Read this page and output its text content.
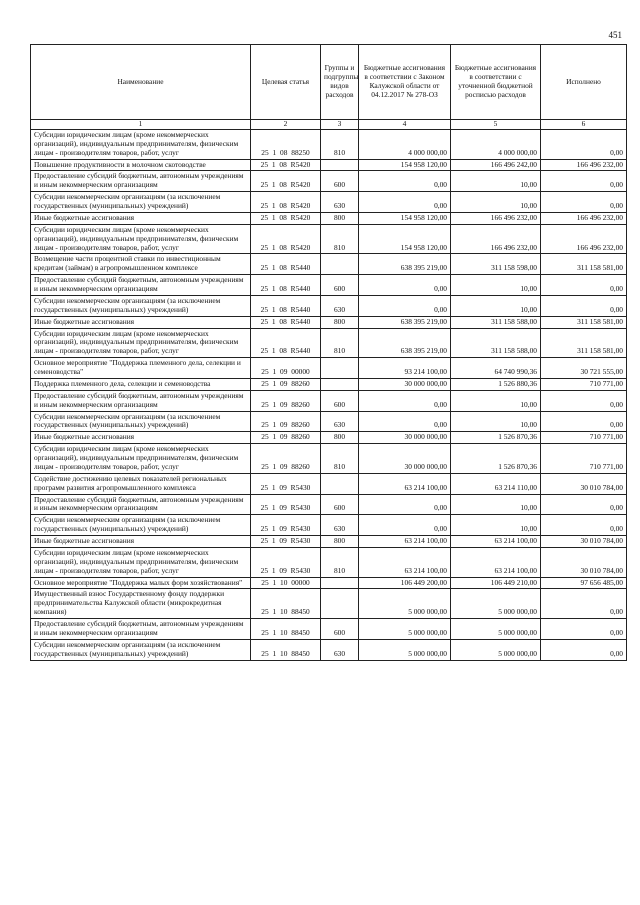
451
Наименование	Целевая статья	Группы и подгруппы видов расходов	Бюджетные ассигнования в соответствии с Законом Калужской области от 04.12.2017 № 278-ОЗ	Бюджетные ассигнования в соответствии с уточненной бюджетной росписью расходов	Исполнено
1	2	3	4	5	6
Субсидии юридическим лицам (кроме некоммерческих организаций), индивидуальным предпринимателям, физическим лицам - производителям товаров, работ, услуг	25 1 08 88250	810	4 000 000,00	4 000 000,00	0,00
Повышение продуктивности в молочном скотоводстве	25 1 08 R5420		154 958 120,00	166 496 242,00	166 496 232,00
Предоставление субсидий бюджетным, автономным учреждениям и иным некоммерческим организациям	25 1 08 R5420	600	0,00	10,00	0,00
Субсидии некоммерческим организациям (за исключением государственных (муниципальных) учреждений)	25 1 08 R5420	630	0,00	10,00	0,00
Иные бюджетные ассигнования	25 1 08 R5420	800	154 958 120,00	166 496 232,00	166 496 232,00
Субсидии юридическим лицам (кроме некоммерческих организаций), индивидуальным предпринимателям, физическим лицам - производителям товаров, работ, услуг	25 1 08 R5420	810	154 958 120,00	166 496 232,00	166 496 232,00
Возмещение части процентной ставки по инвестиционным кредитам (займам) в агропромышленном комплексе	25 1 08 R5440		638 395 219,00	311 158 598,00	311 158 581,00
Предоставление субсидий бюджетным, автономным учреждениям и иным некоммерческим организациям	25 1 08 R5440	600	0,00	10,00	0,00
Субсидии некоммерческим организациям (за исключением государственных (муниципальных) учреждений)	25 1 08 R5440	630	0,00	10,00	0,00
Иные бюджетные ассигнования	25 1 08 R5440	800	638 395 219,00	311 158 588,00	311 158 581,00
Субсидии юридическим лицам (кроме некоммерческих организаций), индивидуальным предпринимателям, физическим лицам - производителям товаров, работ, услуг	25 1 08 R5440	810	638 395 219,00	311 158 588,00	311 158 581,00
Основное мероприятие "Поддержка племенного дела, селекции и семеноводства"	25 1 09 00000		93 214 100,00	64 740 990,36	30 721 555,00
Поддержка племенного дела, селекции и семеноводства	25 1 09 88260		30 000 000,00	1 526 880,36	710 771,00
Предоставление субсидий бюджетным, автономным учреждениям и иным некоммерческим организациям	25 1 09 88260	600	0,00	10,00	0,00
Субсидии некоммерческим организациям (за исключением государственных (муниципальных) учреждений)	25 1 09 88260	630	0,00	10,00	0,00
Иные бюджетные ассигнования	25 1 09 88260	800	30 000 000,00	1 526 870,36	710 771,00
Субсидии юридическим лицам (кроме некоммерческих организаций), индивидуальным предпринимателям, физическим лицам - производителям товаров, работ, услуг	25 1 09 88260	810	30 000 000,00	1 526 870,36	710 771,00
Содействие достижению целевых показателей региональных программ развития агропромышленного комплекса	25 1 09 R5430		63 214 100,00	63 214 110,00	30 010 784,00
Предоставление субсидий бюджетным, автономным учреждениям и иным некоммерческим организациям	25 1 09 R5430	600	0,00	10,00	0,00
Субсидии некоммерческим организациям (за исключением государственных (муниципальных) учреждений)	25 1 09 R5430	630	0,00	10,00	0,00
Иные бюджетные ассигнования	25 1 09 R5430	800	63 214 100,00	63 214 100,00	30 010 784,00
Субсидии юридическим лицам (кроме некоммерческих организаций), индивидуальным предпринимателям, физическим лицам - производителям товаров, работ, услуг	25 1 09 R5430	810	63 214 100,00	63 214 100,00	30 010 784,00
Основное мероприятие "Поддержка малых форм хозяйствования"	25 1 10 00000		106 449 200,00	106 449 210,00	97 656 485,00
Имущественный взнос Государственному фонду поддержки предпринимательства Калужской области (микрокредитная компания)	25 1 10 88450		5 000 000,00	5 000 000,00	0,00
Предоставление субсидий бюджетным, автономным учреждениям и иным некоммерческим организациям	25 1 10 88450	600	5 000 000,00	5 000 000,00	0,00
Субсидии некоммерческим организациям (за исключением государственных (муниципальных) учреждений)	25 1 10 88450	630	5 000 000,00	5 000 000,00	0,00
